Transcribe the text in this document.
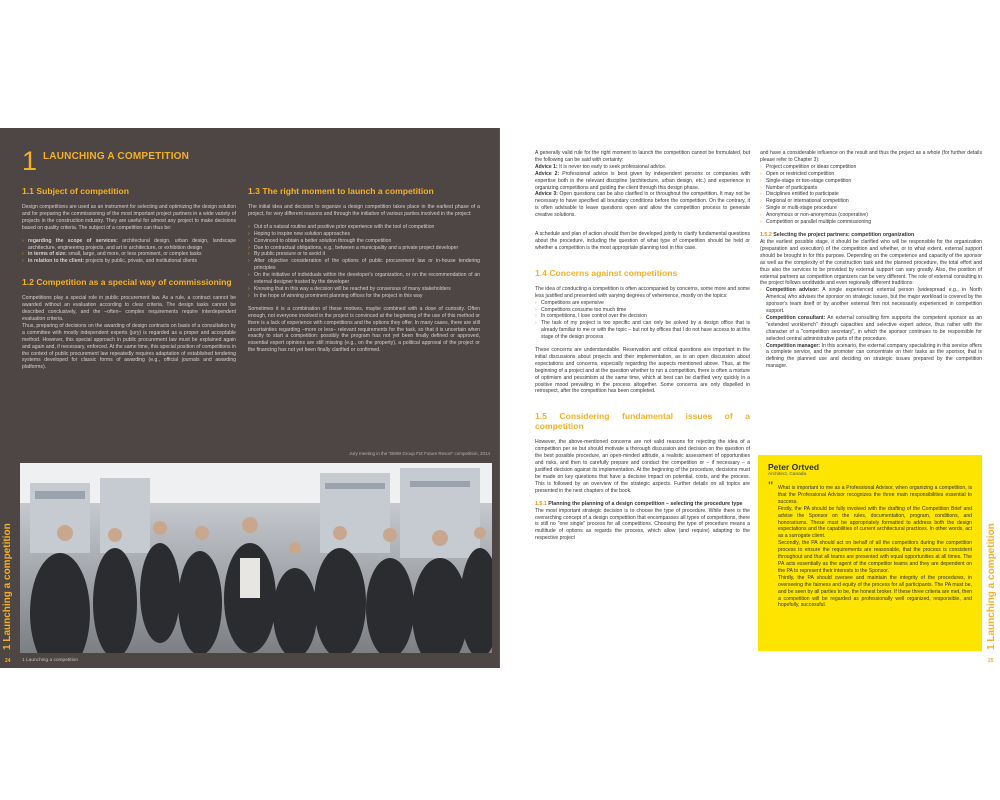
1 LAUNCHING A COMPETITION
1.1 Subject of competition

Design competitions are used as an instrument for selecting and optimizing the design solution and for preparing the commissioning of the most important project partners in a wide variety of projects in the construction industry. They are useful for almost any project to make decisions based on quality criteria. The subject of a competition can thus be:

› regarding the scope of services: architectural design, urban design, landscape architecture, engineering projects, and art in architecture, or exhibition design
› in terms of size: small, large, and more, or less prominent, or complex tasks
› in relation to the client: projects by public, private, and institutional clients
1.2 Competition as a special way of commissioning

Competitions play a special role in public procurement law. As a rule, a contract cannot be awarded without an evaluation according to clear criteria. The design tasks cannot be described conclusively, and the –often– complex requirements require interdependent evaluation criteria.

Thus, preparing of decisions on the awarding of design contracts on basis of a consultation by a committee with mostly independent experts (jury) is regarded as a proper and acceptable method. However, this special approach in public procurement law must be explained again and again and, if necessary, enforced. At the same time, this special position of competitions in the context of public procurement law repeatedly requires adaptation of established tendering systems developed for classic forms of awarding (e.g., official journals and awarding platforms).

1.3 The right moment to launch a competition

The initial idea and decision to organize a design competition takes place in the earliest phase of a project, for very different reasons and through the initiative of various parties involved in the project:

› Out of a natural routine and positive prior experience with the tool of competition
› Hoping to inspire new solution approaches
› Convinced to obtain a better solution through the competition
› Due to contractual obligations, e.g., between a municipality and a private project developer
› By public pressure or to avoid it
› After objective consideration of the options of public procurement law or in-house tendering principles
› On the initiative of individuals within the developer's organization, or on the recommendation of an external designer trusted by the developer
› Knowing that in this way a decision will be reached by consensus of many stakeholders
› In the hope of winning prominent planning offices for the project in this way

Sometimes it is a combination of these motives, maybe combined with a dose of curiosity. Often enough, not everyone involved in the project is convinced at the beginning of the use of this method or there is a lack of experience with competitions and the options they offer. In many cases, there are still uncertainties regarding –more or less– relevant requirements for the task, so that it is uncertain when exactly to start a competition: possibly the program has not yet been finally defined or approved, essential expert opinions are still missing (e.g., on the property), a political approval of the project or the financing has not yet been finally clarified or confirmed.

Jury meeting in the "BMW Group FIZ Future Resort" competition, 2014
1 Launching a competition
24 1 Launching a competition

A generally valid rule for the right moment to launch the competition cannot be formulated, but the following can be said with certainty:

Advice 1: It is never too early to seek professional advice.

Advice 2: Professional advice is best given by independent persons or companies with expertise both in the relevant discipline (architecture, urban design, etc.) and experience in organizing competitions and guiding the client through this design phase.

Advice 3: Open questions can be also clarified in or throughout the competition. It may not be necessary to have specified all boundary conditions before the competition. On the contrary, it is often advisable to leave questions open and allow the competition process to generate creative solutions.

A schedule and plan of action should then be developed jointly to clarify fundamental questions about the procedure, including the question of what type of competition should be held or whether a competition is the most appropriate planning tool in this case.

1.4 Concerns against competitions

The idea of conducting a competition is often accompanied by concerns, some more and some less justified and presented with varying degrees of vehemence, mostly on the topics:

› Competitions are expensive
› Competitions consume too much time
› In competitions, I lose control over the decision
› The task of my project is too specific and can only be solved by a design office that is already familiar to me or with the topic – but not by offices that I do not have access to at this stage of the design process

These concerns are understandable. Reservation and critical questions are important in the initial discussions about projects and their implementation, as is an open discussion about expectations and concerns, especially regarding the aspects mentioned above. Thus, at the beginning of a project and at the question whether to run a competition, there is often a mixture of optimism and pessimism at the same time, which at best can be clarified very quickly in a positive mood prevailing in the process altogether. Some concerns are only dispelled in retrospect, after the competition has been completed.

1.5 Considering fundamental issues of a competition

However, the above-mentioned concerns are not valid reasons for rejecting the idea of a competition per se but should motivate a thorough discussion and decision on the question of the best possible procedure, an open-minded attitude, a realistic assessment of opportunities and risks, and then to carefully prepare and conduct the competition or – if necessary – a justified decision against its implementation. At the beginning of the procedure, decisions must be made on key questions that have a decisive impact on potential, costs, and the process. This is followed by an overview of the strategic aspects. Further details on all topics are presented in the next chapters of the book.

1.5.1 Planning the planning of a design competition – selecting the procedure type

The most important strategic decision is to choose the type of procedure. While there is the overarching concept of a design competition that encompasses all types of competitions, there is still no "one single" process for all competitions. Choosing the type of procedure means a multitude of options as regards the process, which allow (and require) adapting to the respective project

and have a considerable influence on the result and thus the project as a whole (for further details please refer to Chapter 3):

› Project competition or ideas competition
› Open or restricted competition
› Single-stage or two-stage competition
› Number of participants
› Disciplines entitled to participate
› Regional or international competition
› Single or multi-stage procedure
› Anonymous or non-anonymous (cooperative)
› Competition or parallel multiple commissioning
1.5.2 Selecting the project partners: competition organization

At the earliest possible stage, it should be clarified who will be responsible for the organization (preparation and execution) of the competition and whether, or to what extent, external support should be brought in for this purpose. Depending on the competence and capacity of the sponsor as well as the complexity of the construction task and the planned procedure, the total effort and thus also the services to be provided by external support can vary greatly. Also, the position of external partners as competition organizers can be very different. The role of external consulting in the project follows worldwide and even regionally different traditions:

› Competition advisor: A single experienced external person (widespread e.g., in North America) who advises the sponsor on strategic issues, but the major workload is covered by the sponsor's team itself or by another external firm not necessarily experienced in competition support.
› Competition consultant: An external consulting firm supports the competent sponsor as an "extended workbench" through capacities and selective expert advice, thus rather with the character of a "competition secretary", in which the sponsor continues to be responsible for selected central administrative parts of the procedure.
› Competition manager: In this scenario, the external company specializing in this service offers a complete service, and the promoter can concentrate on their tasks as the sponsor, that is defining the planned use and deciding on strategic issues prepared by the competition manager.
Peter Ortved
Architect, Canada
" What is important to me as a Professional Advisor, when organizing a competition, is that the Professional Advisor recognizes the three main responsibilities essential to success.

Firstly, the PA should be fully involved with the drafting of the Competition Brief and advise the Sponsor on the rules, documentation, program, conditions, and honorariums. These must be appropriately formatted to address both the design expectations and the capabilities of current architectural practices. In other words, act as a surrogate client.

Secondly, the PA should act on behalf of all the competitors during the competition process to ensure the requirements are reasonable, that the process is consistent throughout and that all teams are presented with equal opportunities at all times. The PA acts essentially as the agent of the competitor teams and they are dependent on the PA to represent their interests to the Sponsor.

Thirdly, the PA should oversee and maintain the integrity of the procedures, in overseeing the fairness and equity of the process for all participants. The PA must be, and be seen by all parties to be, the honest broker. If these three criteria are met, then a competition will be regarded as professionally well organized, responsible, and hopefully, successful.	1 Launching a competition
25
